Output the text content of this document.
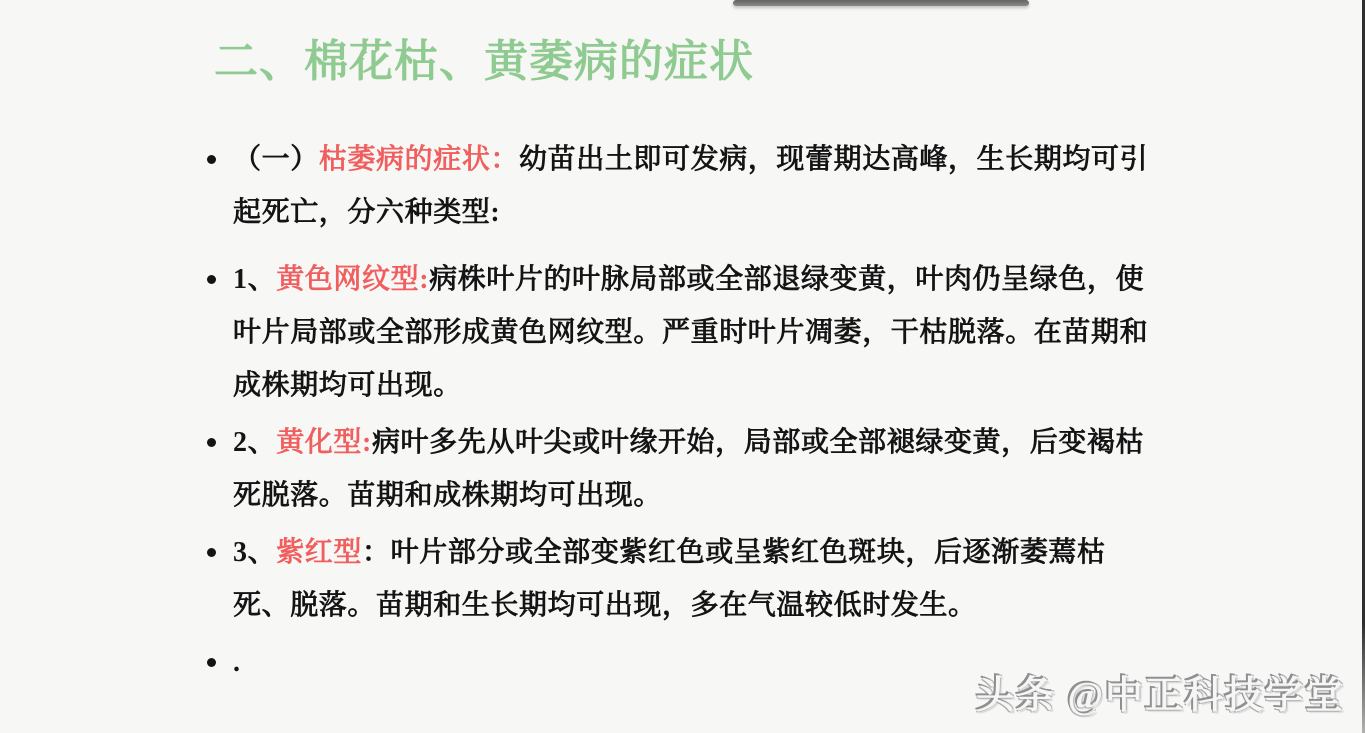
二、棉花枯、黄萎病的症状
（一）枯萎病的症状：幼苗出土即可发病，现蕾期达高峰，生长期均可引起死亡，分六种类型:
1、黄色网纹型:病株叶片的叶脉局部或全部退绿变黄，叶肉仍呈绿色，使叶片局部或全部形成黄色网纹型。严重时叶片凋萎，干枯脱落。在苗期和成株期均可出现。
2、黄化型:病叶多先从叶尖或叶缘开始，局部或全部褪绿变黄，后变褐枯死脱落。苗期和成株期均可出现。
3、紫红型：叶片部分或全部变紫红色或呈紫红色斑块，后逐渐萎蔫枯死、脱落。苗期和生长期均可出现，多在气温较低时发生。
.
头条 @中正科技学堂
